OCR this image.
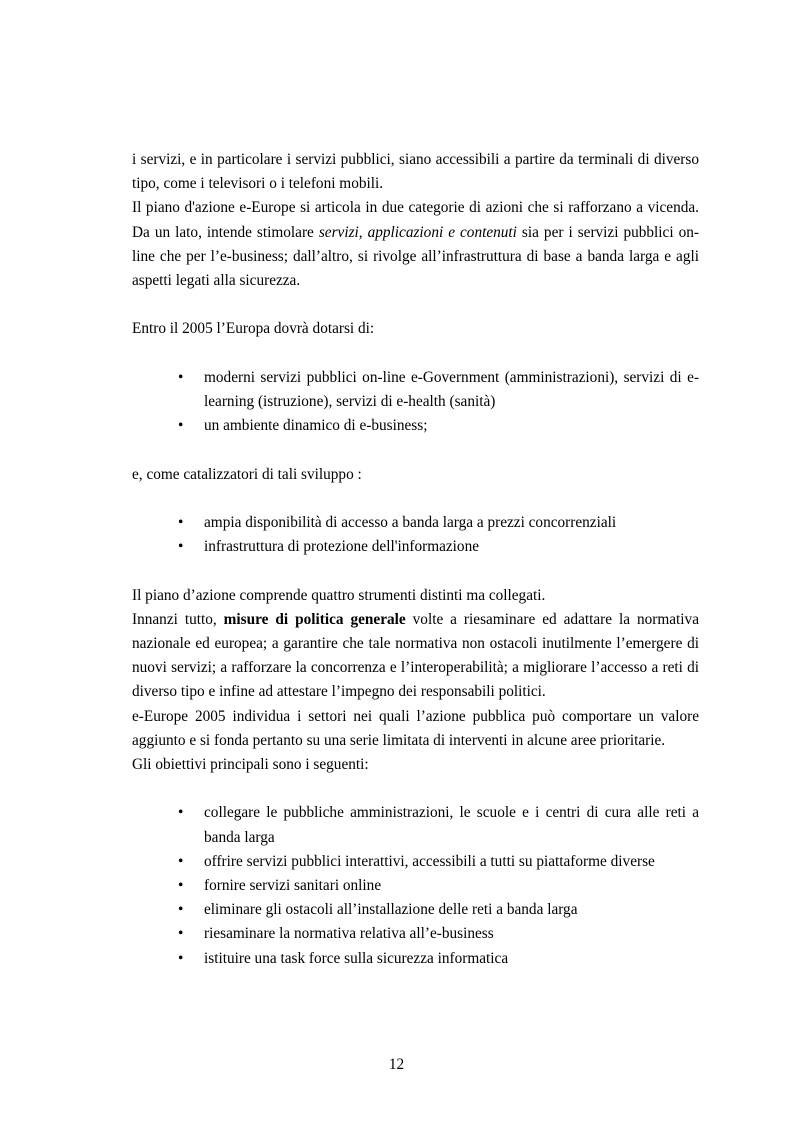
i servizi, e in particolare i servizi pubblici, siano accessibili a partire da terminali di diverso tipo, come i televisori o i telefoni mobili.

Il piano d'azione e-Europe si articola in due categorie di azioni che si rafforzano a vicenda. Da un lato, intende stimolare servizi, applicazioni e contenuti sia per i servizi pubblici on-line che per l’e-business; dall’altro, si rivolge all’infrastruttura di base a banda larga e agli aspetti legati alla sicurezza.

Entro il 2005 l’Europa dovrà dotarsi di:

• moderni servizi pubblici on-line e-Government (amministrazioni), servizi di e-learning (istruzione), servizi di e-health (sanità)
• un ambiente dinamico di e-business;

e, come catalizzatori di tali sviluppo :

• ampia disponibilità di accesso a banda larga a prezzi concorrenziali
• infrastruttura di protezione dell'informazione

Il piano d’azione comprende quattro strumenti distinti ma collegati.

Innanzi tutto, misure di politica generale volte a riesaminare ed adattare la normativa nazionale ed europea; a garantire che tale normativa non ostacoli inutilmente l’emergere di nuovi servizi; a rafforzare la concorrenza e l’interoperabilità; a migliorare l’accesso a reti di diverso tipo e infine ad attestare l’impegno dei responsabili politici.

e-Europe 2005 individua i settori nei quali l’azione pubblica può comportare un valore aggiunto e si fonda pertanto su una serie limitata di interventi in alcune aree prioritarie.

Gli obiettivi principali sono i seguenti:

• collegare le pubbliche amministrazioni, le scuole e i centri di cura alle reti a banda larga
• offrire servizi pubblici interattivi, accessibili a tutti su piattaforme diverse
• fornire servizi sanitari online
• eliminare gli ostacoli all’installazione delle reti a banda larga
• riesaminare la normativa relativa all’e-business
• istituire una task force sulla sicurezza informatica
12
